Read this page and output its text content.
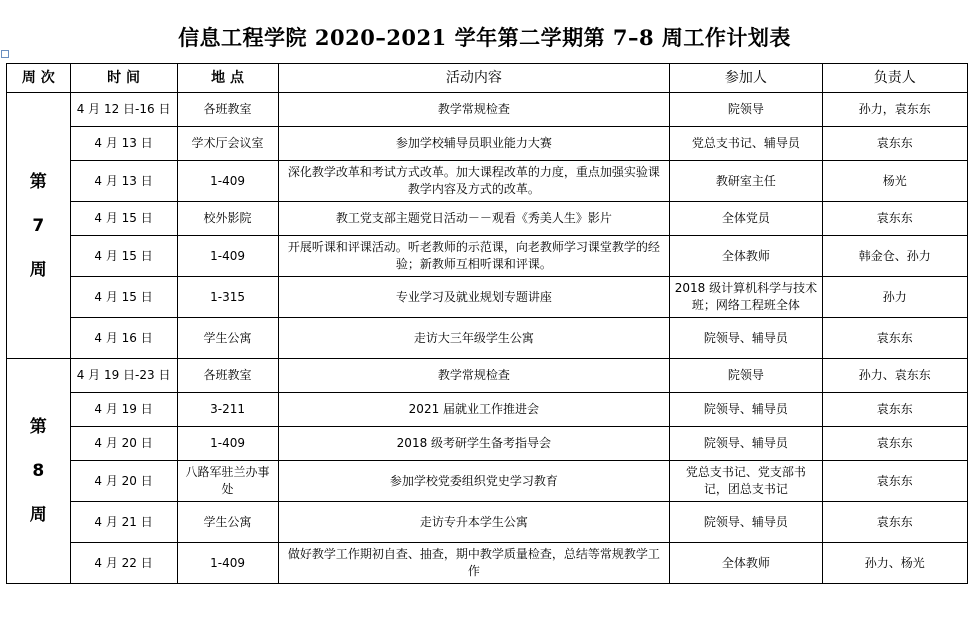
信息工程学院 2020–2021 学年第二学期第 7–8 周工作计划表
周 次	时 间	地 点	活动内容	参加人	负责人

第
7
周	4 月 12 日-16 日	各班教室	教学常规检查	院领导	孙力，袁东东
	4 月 13 日	学术厅会议室	参加学校辅导员职业能力大赛	党总支书记、辅导员	袁东东
	4 月 13 日	1-409	深化教学改革和考试方式改革。加大课程改革的力度，重点加强实验课教学内容及方式的改革。	教研室主任	杨光
	4 月 15 日	校外影院	教工党支部主题党日活动－－观看《秀美人生》影片	全体党员	袁东东
	4 月 15 日	1-409	开展听课和评课活动。听老教师的示范课，向老教师学习课堂教学的经验；新教师互相听课和评课。	全体教师	韩金仓、孙力
	4 月 15 日	1-315	专业学习及就业规划专题讲座	2018 级计算机科学与技术班；网络工程班全体	孙力
	4 月 16 日	学生公寓	走访大三年级学生公寓	院领导、辅导员	袁东东

第
8
周	4 月 19 日-23 日	各班教室	教学常规检查	院领导	孙力、袁东东
	4 月 19 日	3-211	2021 届就业工作推进会	院领导、辅导员	袁东东
	4 月 20 日	1-409	2018 级考研学生备考指导会	院领导、辅导员	袁东东
	4 月 20 日	八路军驻兰办事处	参加学校党委组织党史学习教育	党总支书记、党支部书记，团总支书记	袁东东
	4 月 21 日	学生公寓	走访专升本学生公寓	院领导、辅导员	袁东东
	4 月 22 日	1-409	做好教学工作期初自查、抽查，期中教学质量检查，总结等常规教学工作	全体教师	孙力、杨光
